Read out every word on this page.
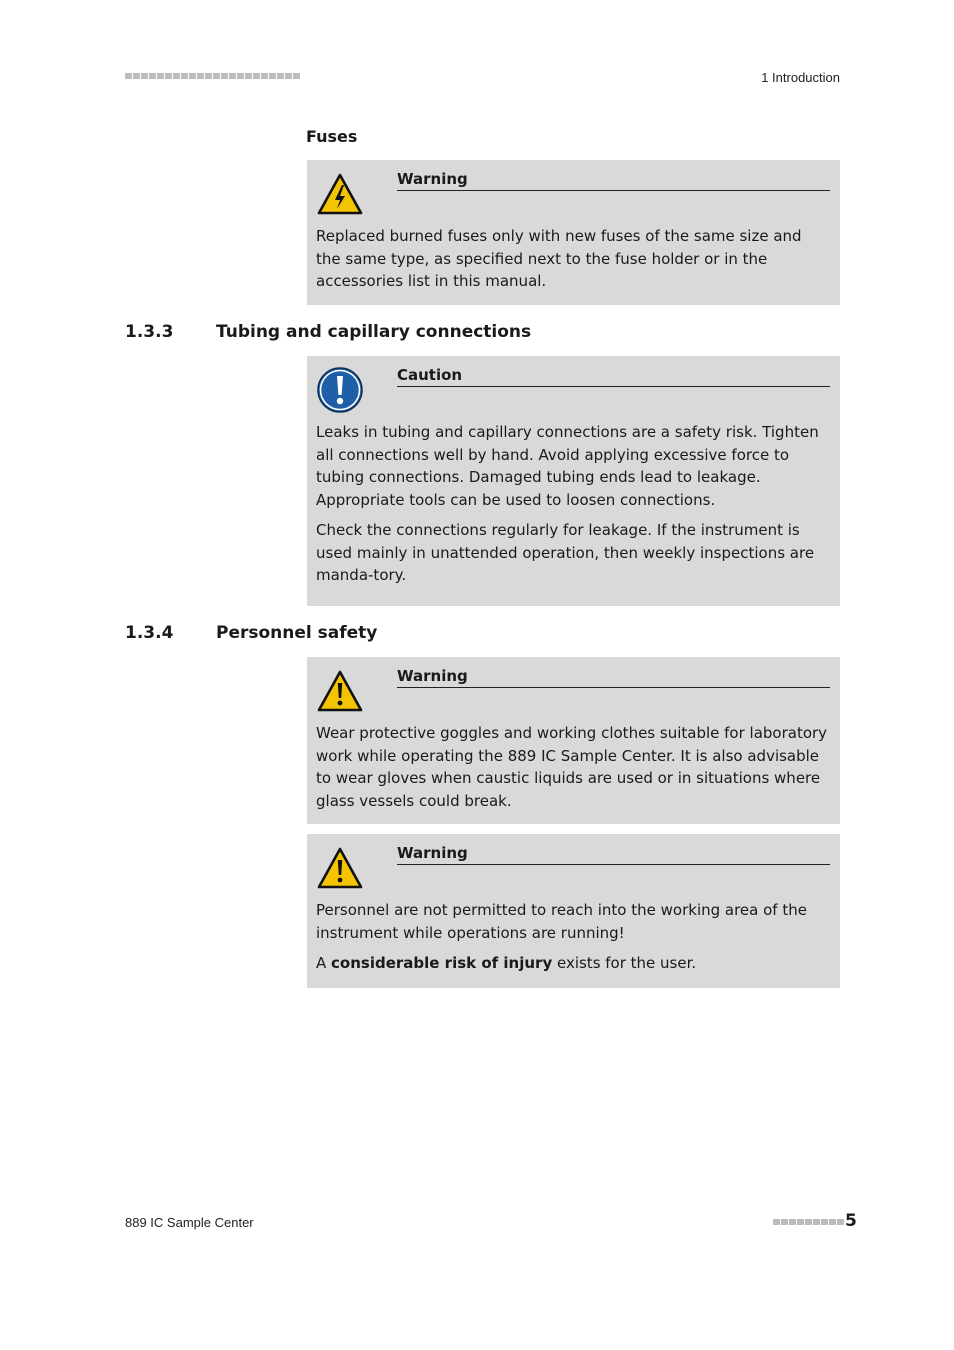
1 Introduction
Fuses
Warning

Replaced burned fuses only with new fuses of the same size and the same type, as specified next to the fuse holder or in the accessories list in this manual.

1.3.3	Tubing and capillary connections
Caution

Leaks in tubing and capillary connections are a safety risk. Tighten all connections well by hand. Avoid applying excessive force to tubing connections. Damaged tubing ends lead to leakage. Appropriate tools can be used to loosen connections.

Check the connections regularly for leakage. If the instrument is used mainly in unattended operation, then weekly inspections are manda-tory.

1.3.4	Personnel safety
Warning

Wear protective goggles and working clothes suitable for laboratory work while operating the 889 IC Sample Center. It is also advisable to wear gloves when caustic liquids are used or in situations where glass vessels could break.

Warning

Personnel are not permitted to reach into the working area of the instrument while operations are running!

A considerable risk of injury exists for the user.

889 IC Sample Center	5
